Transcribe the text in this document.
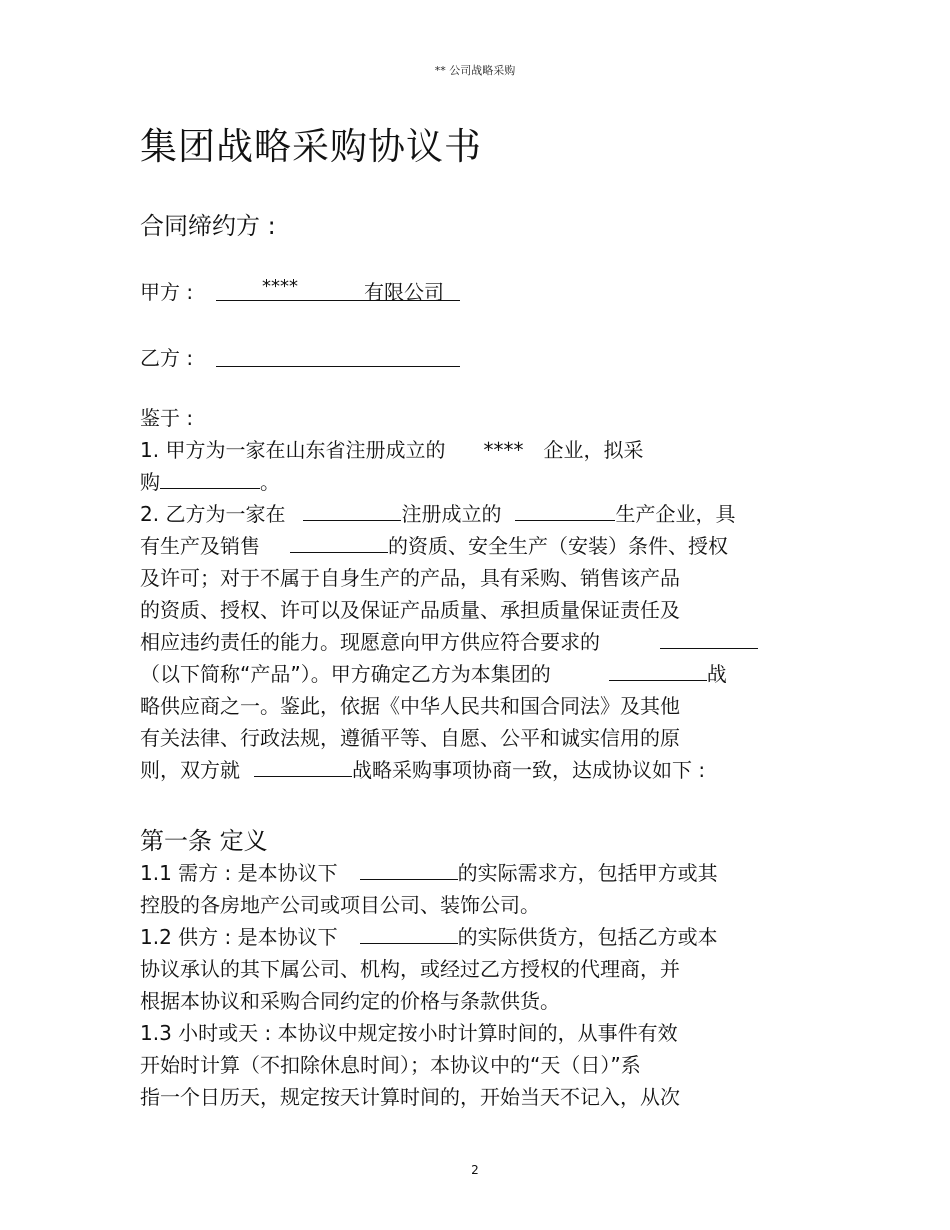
** 公司战略采购
集团战略采购协议书
合同缔约方 :
甲方 :	****	有限公司
乙方 :
鉴于 :
1. 甲方为一家在山东省注册成立的 **** 企业，拟采
购	。
2. 乙方为一家在	注册成立的	生产企业，具
有生产及销售	的资质、安全生产（安装）条件、授权
及许可；对于不属于自身生产的产品，具有采购、销售该产品
的资质、授权、许可以及保证产品质量、承担质量保证责任及
相应违约责任的能力。现愿意向甲方供应符合要求的
（以下简称“产品”）。甲方确定乙方为本集团的	战
略供应商之一。鉴此，依据《中华人民共和国合同法》及其他
有关法律、行政法规，遵循平等、自愿、公平和诚实信用的原
则，双方就	战略采购事项协商一致，达成协议如下 :
第一条 定义
1.1 需方 : 是本协议下	的实际需求方，包括甲方或其
控股的各房地产公司或项目公司、装饰公司。
1.2 供方 : 是本协议下	的实际供货方，包括乙方或本
协议承认的其下属公司、机构，或经过乙方授权的代理商，并
根据本协议和采购合同约定的价格与条款供货。
1.3 小时或天 : 本协议中规定按小时计算时间的，从事件有效
开始时计算（不扣除休息时间）；本协议中的“天（日）”系
指一个日历天，规定按天计算时间的，开始当天不记入，从次
2
